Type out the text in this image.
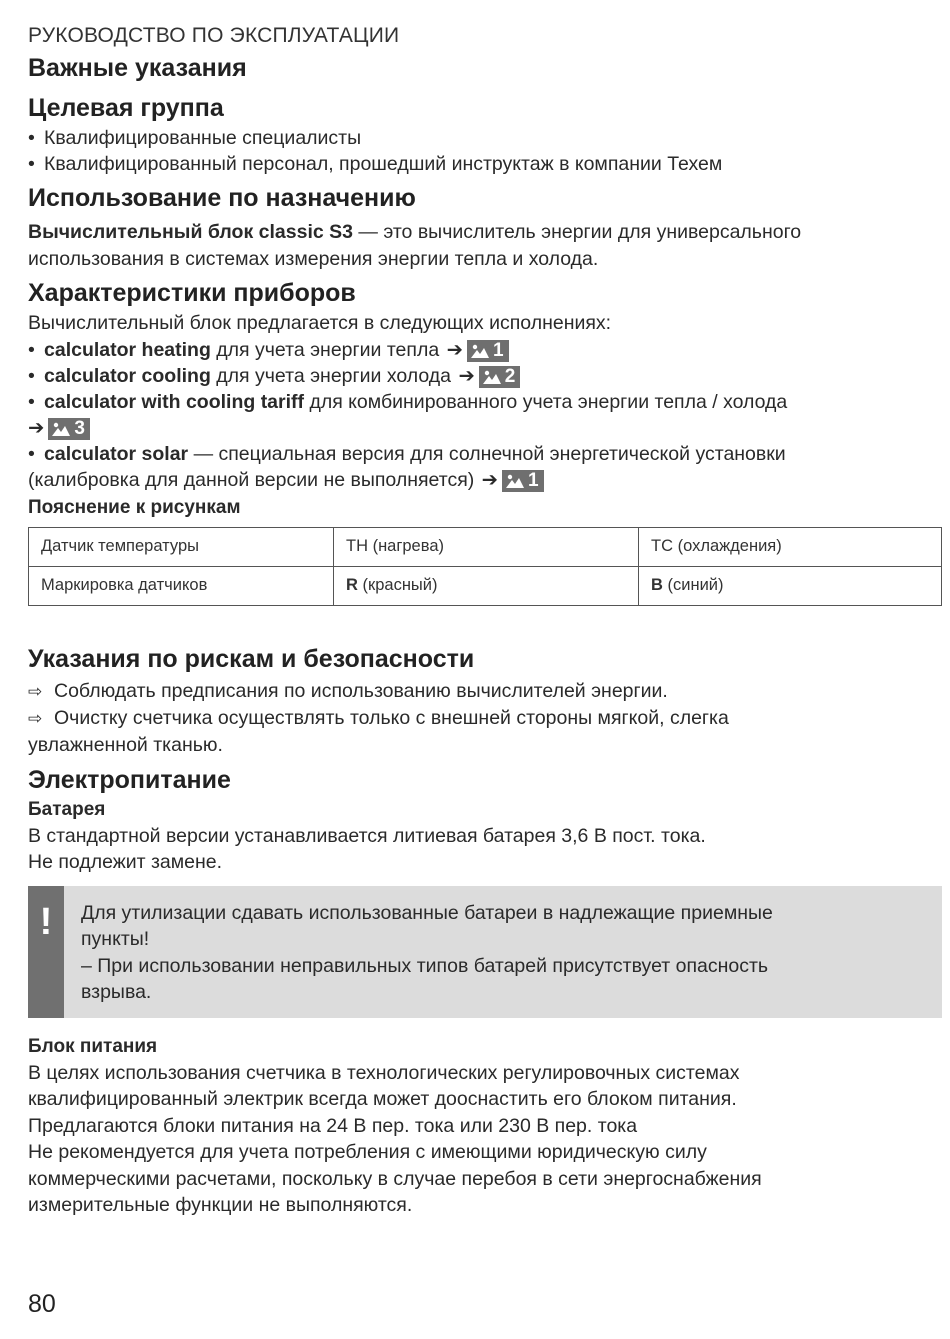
РУКОВОДСТВО ПО ЭКСПЛУАТАЦИИ
Важные указания
Целевая группа
• Квалифицированные специалисты
• Квалифицированный персонал, прошедший инструктаж в компании Техем
Использование по назначению
Вычислительный блок classic S3 — это вычислитель энергии для универсального использования в системах измерения энергии тепла и холода.
Характеристики приборов
Вычислительный блок предлагается в следующих исполнениях:
• calculator heating для учета энергии тепла ➔ 1
• calculator cooling для учета энергии холода ➔ 2
• calculator with cooling tariff для комбинированного учета энергии тепла / холода
➔ 3
• calculator solar — специальная версия для солнечной энергетической установки
(калибровка для данной версии не выполняется) ➔ 1
Пояснение к рисункам
Датчик температуры	TH (нагрева)	TC (охлаждения)
Маркировка датчиков	R (красный)	B (синий)
Указания по рискам и безопасности
⇨ Соблюдать предписания по использованию вычислителей энергии.
⇨ Очистку счетчика осуществлять только с внешней стороны мягкой, слегка
увлажненной тканью.
Электропитание
Батарея
В стандартной версии устанавливается литиевая батарея 3,6 В пост. тока.
Не подлежит замене.
!	Для утилизации сдавать использованные батареи в надлежащие приемные
пункты!
– При использовании неправильных типов батарей присутствует опасность
взрыва.
Блок питания
В целях использования счетчика в технологических регулировочных системах
квалифицированный электрик всегда может дооснастить его блоком питания.
Предлагаются блоки питания на 24 В пер. тока или 230 В пер. тока
Не рекомендуется для учета потребления с имеющими юридическую силу
коммерческими расчетами, поскольку в случае перебоя в сети энергоснабжения
измерительные функции не выполняются.
80
